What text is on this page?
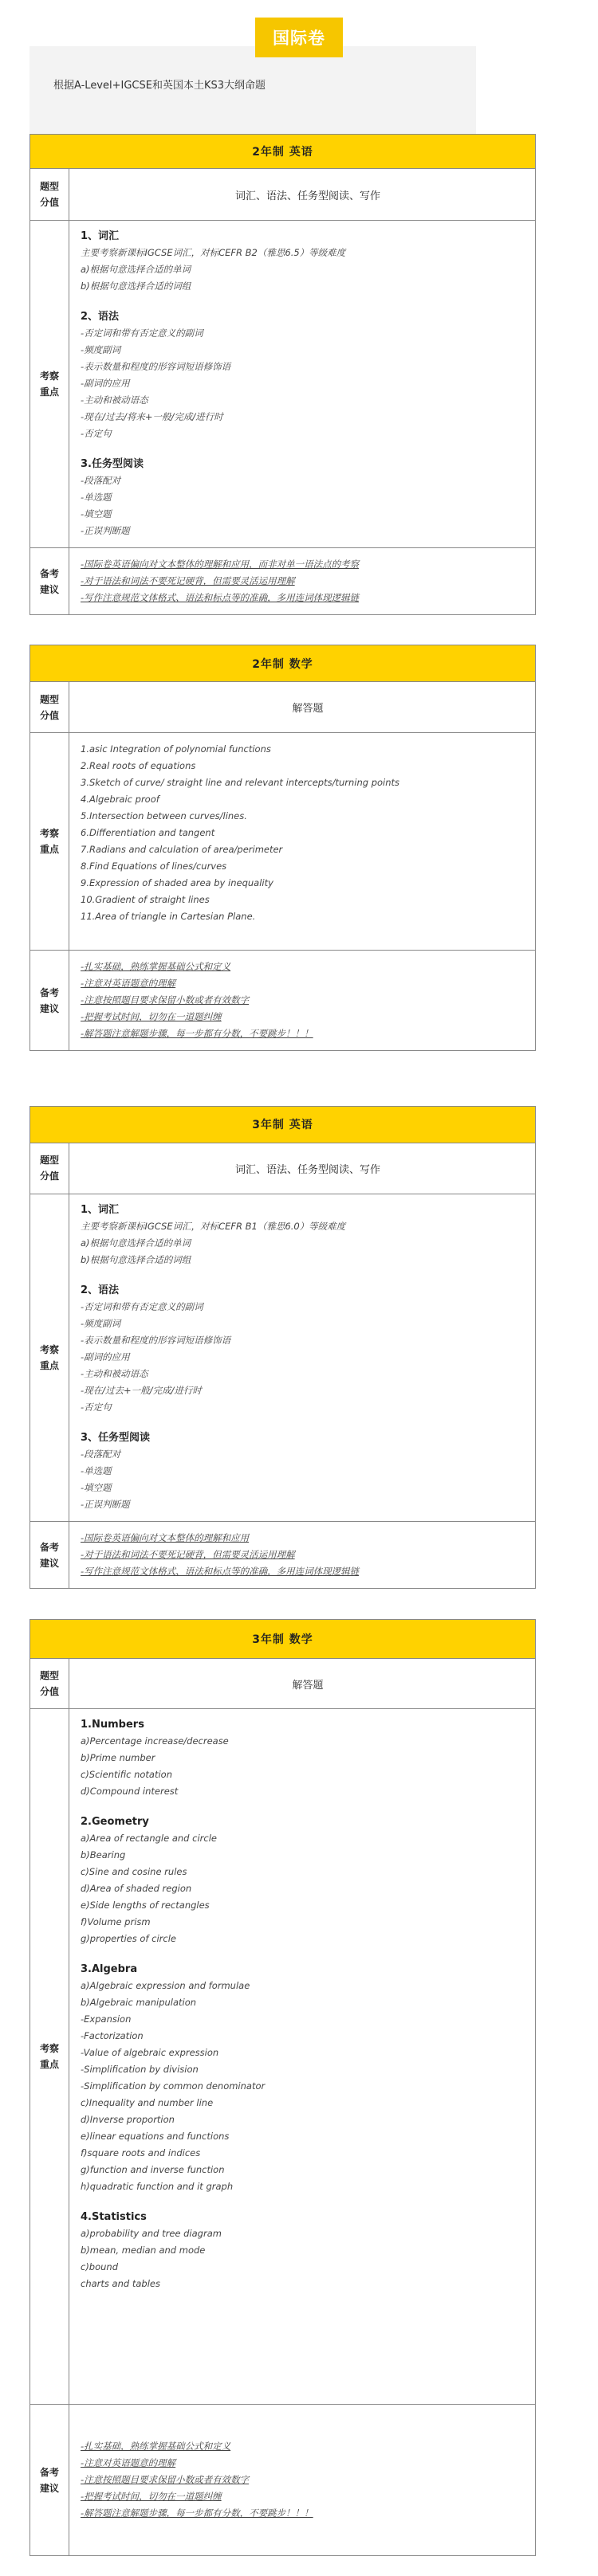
国际卷
根据A-Level+IGCSE和英国本土KS3大纲命题
2年制 英语
题型
分值
词汇、语法、任务型阅读、写作
考察
重点
1、词汇
主要考察新课标IGCSE词汇，对标CEFR B2（雅思6.5）等级难度
a)根据句意选择合适的单词
b)根据句意选择合适的词组
2、语法
-否定词和带有否定意义的副词
-频度副词
-表示数量和程度的形容词短语修饰语
-副词的应用
-主动和被动语态
-现在/过去/将来+一般/完成/进行时
-否定句
3.任务型阅读
-段落配对
-单选题
-填空题
-正误判断题
备考
建议
-国际卷英语偏向对文本整体的理解和应用，而非对单一语法点的考察
-对于语法和词法不要死记硬背，但需要灵活运用理解
-写作注意规范文体格式、语法和标点等的准确，多用连词体现逻辑链
2年制 数学
题型
分值
解答题
考察
重点
1.asic Integration of polynomial functions
2.Real roots of equations
3.Sketch of curve/ straight line and relevant intercepts/turning points
4.Algebraic proof
5.Intersection between curves/lines.
6.Differentiation and tangent
7.Radians and calculation of area/perimeter
8.Find Equations of lines/curves
9.Expression of shaded area by inequality
10.Gradient of straight lines
11.Area of triangle in Cartesian Plane.
备考
建议
-扎实基础，熟练掌握基础公式和定义
-注意对英语题意的理解
-注意按照题目要求保留小数或者有效数字
-把握考试时间，切勿在一道题纠缠
-解答题注意解题步骤，每一步都有分数，不要跳步！！！
3年制 英语
题型
分值
词汇、语法、任务型阅读、写作
考察
重点
1、词汇
主要考察新课标IGCSE词汇，对标CEFR B1（雅思6.0）等级难度
a)根据句意选择合适的单词
b)根据句意选择合适的词组
2、语法
-否定词和带有否定意义的副词
-频度副词
-表示数量和程度的形容词短语修饰语
-副词的应用
-主动和被动语态
-现在/过去+一般/完成/进行时
-否定句
3、任务型阅读
-段落配对
-单选题
-填空题
-正误判断题
备考
建议
-国际卷英语偏向对文本整体的理解和应用
-对于语法和词法不要死记硬背，但需要灵活运用理解
-写作注意规范文体格式、语法和标点等的准确，多用连词体现逻辑链
3年制 数学
题型
分值
解答题
考察
重点
1.Numbers
a)Percentage increase/decrease
b)Prime number
c)Scientific notation
d)Compound interest
2.Geometry
a)Area of rectangle and circle
b)Bearing
c)Sine and cosine rules
d)Area of shaded region
e)Side lengths of rectangles
f)Volume prism
g)properties of circle
3.Algebra
a)Algebraic expression and formulae
b)Algebraic manipulation
-Expansion
-Factorization
-Value of algebraic expression
-Simplification by division
-Simplification by common denominator
c)Inequality and number line
d)Inverse proportion
e)linear equations and functions
f)square roots and indices
g)function and inverse function
h)quadratic function and it graph
4.Statistics
a)probability and tree diagram
b)mean, median and mode
c)bound
charts and tables
备考
建议
-扎实基础，熟练掌握基础公式和定义
-注意对英语题意的理解
-注意按照题目要求保留小数或者有效数字
-把握考试时间，切勿在一道题纠缠
-解答题注意解题步骤，每一步都有分数，不要跳步！！！
